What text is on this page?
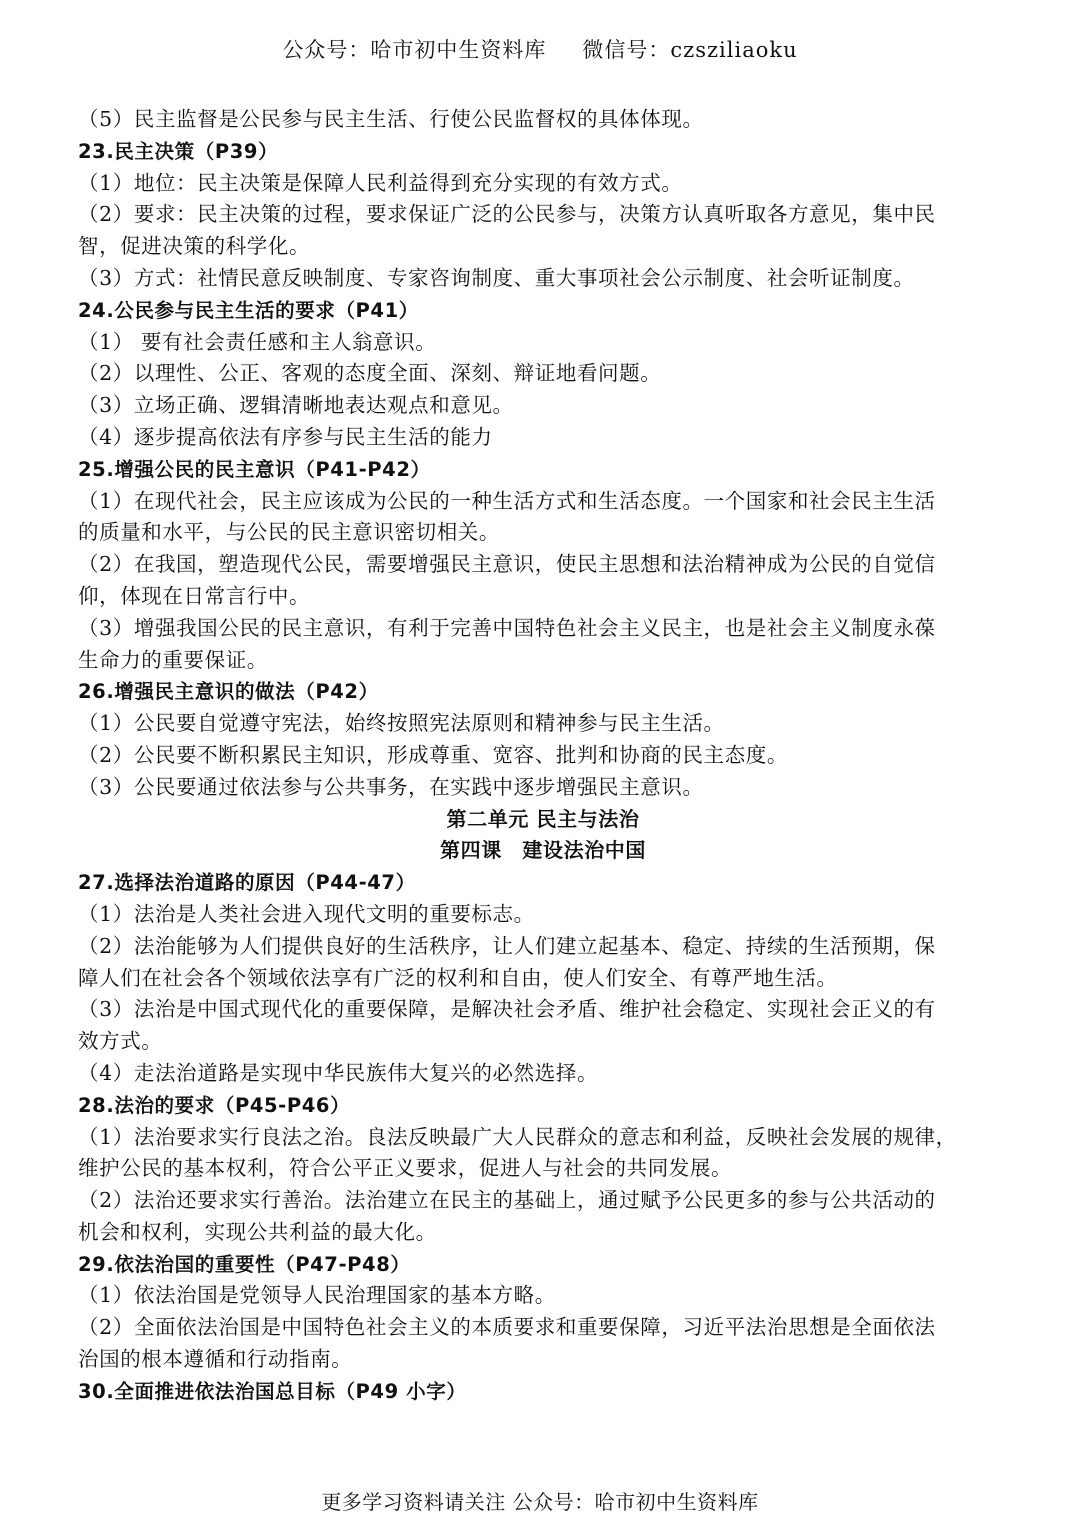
公众号：哈市初中生资料库 微信号：czsziliaoku
（5）民主监督是公民参与民主生活、行使公民监督权的具体体现。
23.民主决策（P39）
（1）地位：民主决策是保障人民利益得到充分实现的有效方式。
（2）要求：民主决策的过程，要求保证广泛的公民参与，决策方认真听取各方意见，集中民
智，促进决策的科学化。
（3）方式：社情民意反映制度、专家咨询制度、重大事项社会公示制度、社会听证制度。
24.公民参与民主生活的要求（P41）
（1） 要有社会责任感和主人翁意识。
（2）以理性、公正、客观的态度全面、深刻、辩证地看问题。
（3）立场正确、逻辑清晰地表达观点和意见。
（4）逐步提高依法有序参与民主生活的能力
25.增强公民的民主意识（P41-P42）
（1）在现代社会，民主应该成为公民的一种生活方式和生活态度。一个国家和社会民主生活
的质量和水平，与公民的民主意识密切相关。
（2）在我国，塑造现代公民，需要增强民主意识，使民主思想和法治精神成为公民的自觉信
仰，体现在日常言行中。
（3）增强我国公民的民主意识，有利于完善中国特色社会主义民主，也是社会主义制度永葆
生命力的重要保证。
26.增强民主意识的做法（P42）
（1）公民要自觉遵守宪法，始终按照宪法原则和精神参与民主生活。
（2）公民要不断积累民主知识，形成尊重、宽容、批判和协商的民主态度。
（3）公民要通过依法参与公共事务，在实践中逐步增强民主意识。
第二单元 民主与法治
第四课　建设法治中国
27.选择法治道路的原因（P44-47）
（1）法治是人类社会进入现代文明的重要标志。
（2）法治能够为人们提供良好的生活秩序，让人们建立起基本、稳定、持续的生活预期，保
障人们在社会各个领域依法享有广泛的权利和自由，使人们安全、有尊严地生活。
（3）法治是中国式现代化的重要保障，是解决社会矛盾、维护社会稳定、实现社会正义的有
效方式。
（4）走法治道路是实现中华民族伟大复兴的必然选择。
28.法治的要求（P45-P46）
（1）法治要求实行良法之治。良法反映最广大人民群众的意志和利益，反映社会发展的规律，
维护公民的基本权利，符合公平正义要求，促进人与社会的共同发展。
（2）法治还要求实行善治。法治建立在民主的基础上，通过赋予公民更多的参与公共活动的
机会和权利，实现公共利益的最大化。
29.依法治国的重要性（P47-P48）
（1）依法治国是党领导人民治理国家的基本方略。
（2）全面依法治国是中国特色社会主义的本质要求和重要保障，习近平法治思想是全面依法
治国的根本遵循和行动指南。
30.全面推进依法治国总目标（P49 小字）
更多学习资料请关注 公众号：哈市初中生资料库
